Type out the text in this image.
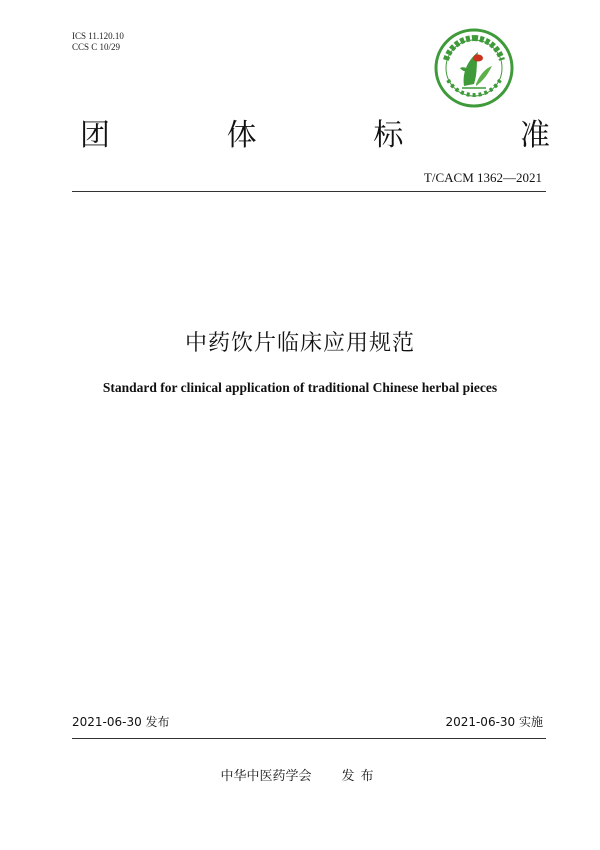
ICS 11.120.10
CCS C 10/29
团	体	标	准
T/CACM 1362—2021
中药饮片临床应用规范
Standard for clinical application of traditional Chinese herbal pieces
2021-06-30 发布	2021-06-30 实施
中华中医药学会 发布
